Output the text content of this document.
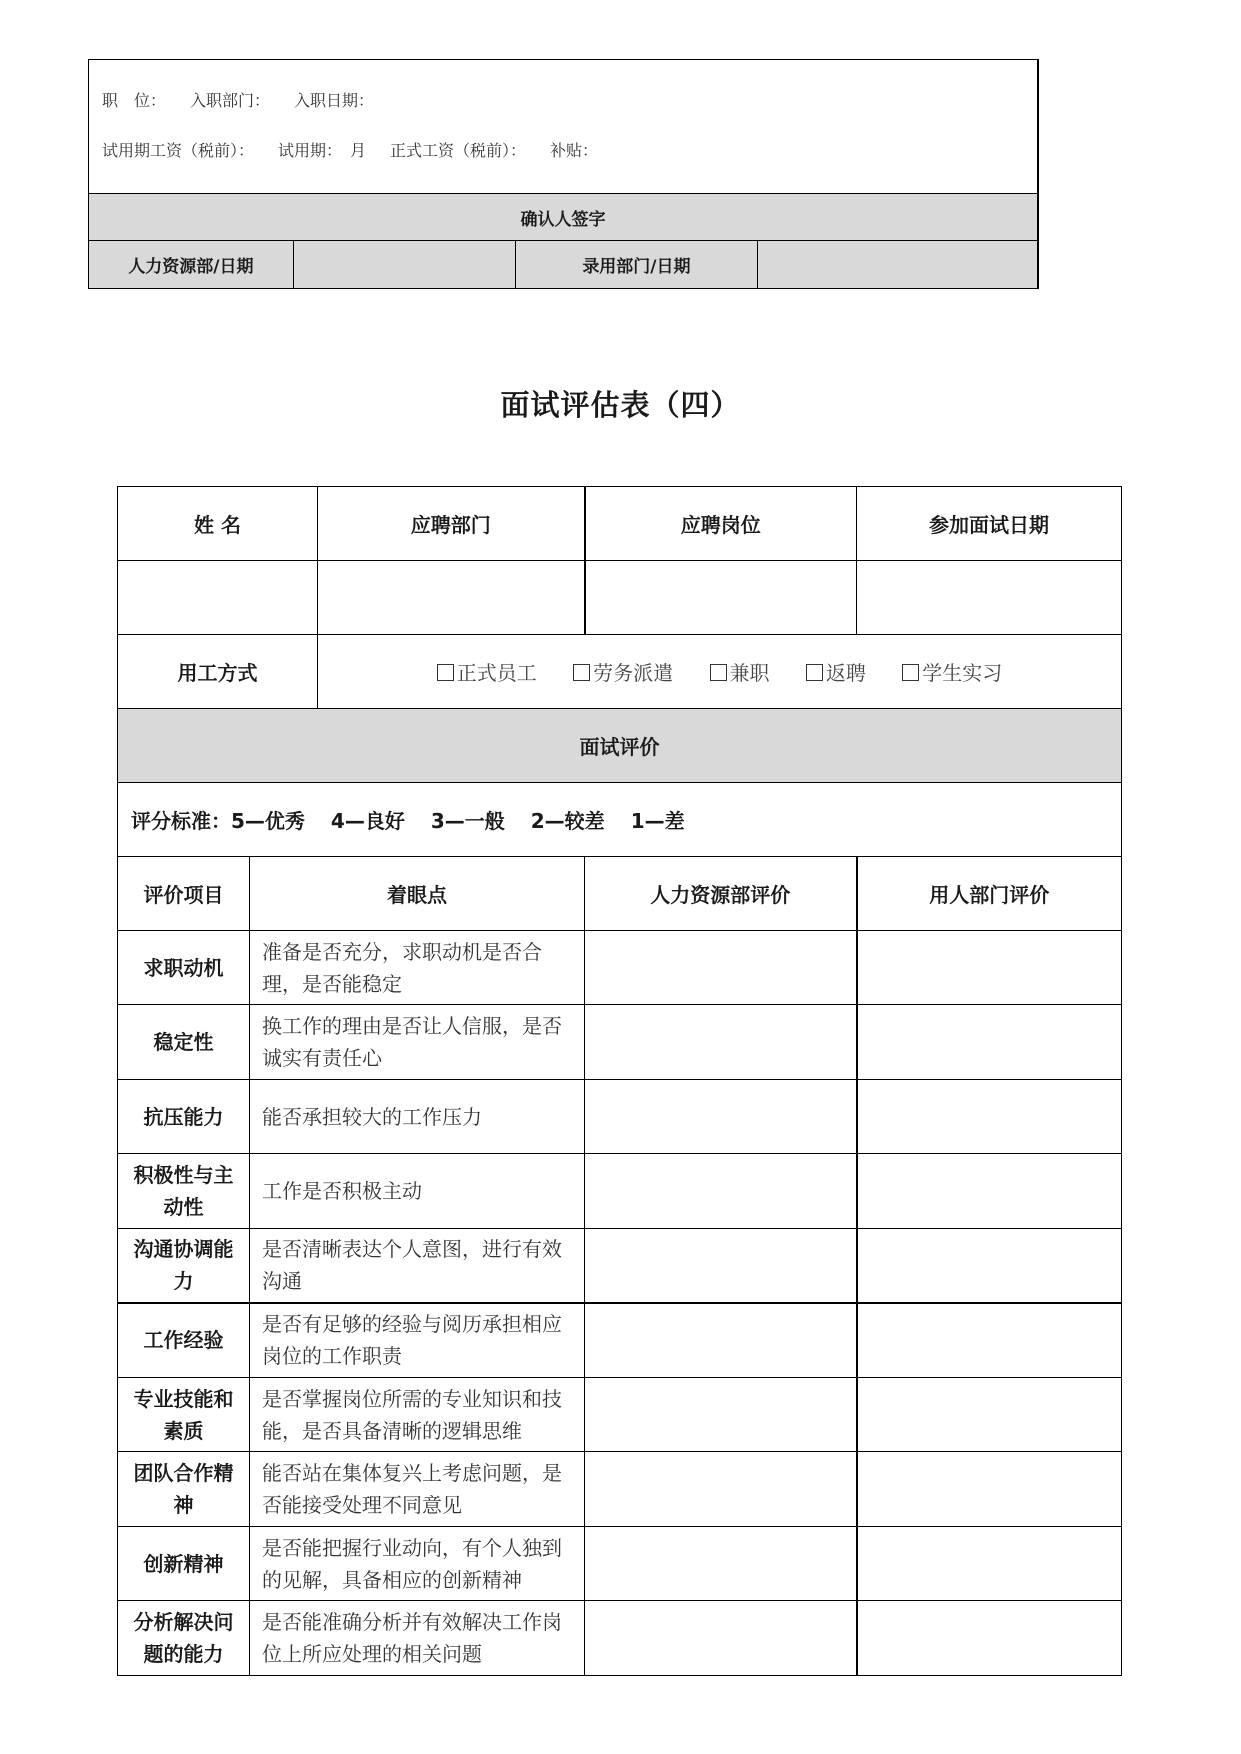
职　位： 入职部门： 入职日期：
试用期工资（税前）： 试用期：　月 正式工资（税前）： 补贴：
确认人签字
人力资源部/日期	录用部门/日期
面试评估表（四）
姓 名		应聘部门	应聘岗位	参加面试日期

用工方式		正式员工 劳务派遣 兼职 返聘 学生实习		
面试评价				
评分标准：5—优秀 4—良好 3—一般 2—较差 1—差				
评价项目	着眼点		人力资源部评价	用人部门评价
求职动机	准备是否充分，求职动机是否合理，是否能稳定			
稳定性	换工作的理由是否让人信服，是否诚实有责任心			
抗压能力	能否承担较大的工作压力			
积极性与主动性	工作是否积极主动			
沟通协调能力	是否清晰表达个人意图，进行有效沟通			
工作经验	是否有足够的经验与阅历承担相应岗位的工作职责			
专业技能和素质	是否掌握岗位所需的专业知识和技能，是否具备清晰的逻辑思维			
团队合作精神	能否站在集体复兴上考虑问题，是否能接受处理不同意见			
创新精神	是否能把握行业动向，有个人独到的见解，具备相应的创新精神			
分析解决问题的能力	是否能准确分析并有效解决工作岗位上所应处理的相关问题			
